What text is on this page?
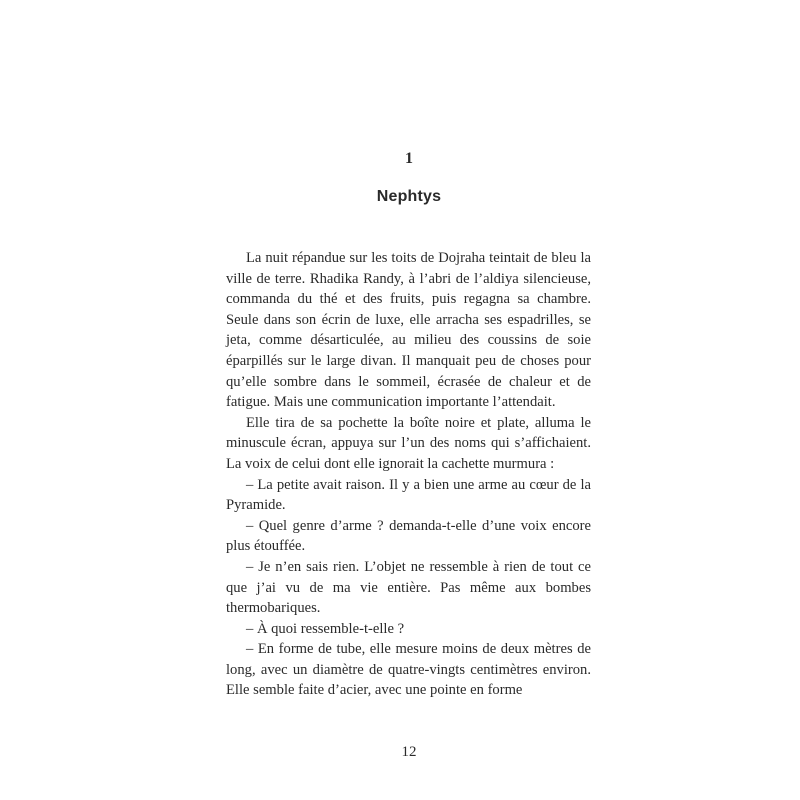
1
Nephtys

La nuit répandue sur les toits de Dojraha teintait de bleu la ville de terre. Rhadika Randy, à l’abri de l’aldiya silencieuse, commanda du thé et des fruits, puis regagna sa chambre. Seule dans son écrin de luxe, elle arracha ses espadrilles, se jeta, comme désarticulée, au milieu des coussins de soie éparpillés sur le large divan. Il manquait peu de choses pour qu’elle sombre dans le sommeil, écrasée de chaleur et de fatigue. Mais une communication importante l’attendait.

Elle tira de sa pochette la boîte noire et plate, alluma le minuscule écran, appuya sur l’un des noms qui s’affichaient. La voix de celui dont elle ignorait la cachette murmura :

– La petite avait raison. Il y a bien une arme au cœur de la Pyramide.

– Quel genre d’arme ? demanda-t-elle d’une voix encore plus étouffée.

– Je n’en sais rien. L’objet ne ressemble à rien de tout ce que j’ai vu de ma vie entière. Pas même aux bombes thermobariques.

– À quoi ressemble-t-elle ?

– En forme de tube, elle mesure moins de deux mètres de long, avec un diamètre de quatre-vingts centimètres environ. Elle semble faite d’acier, avec une pointe en forme

12
